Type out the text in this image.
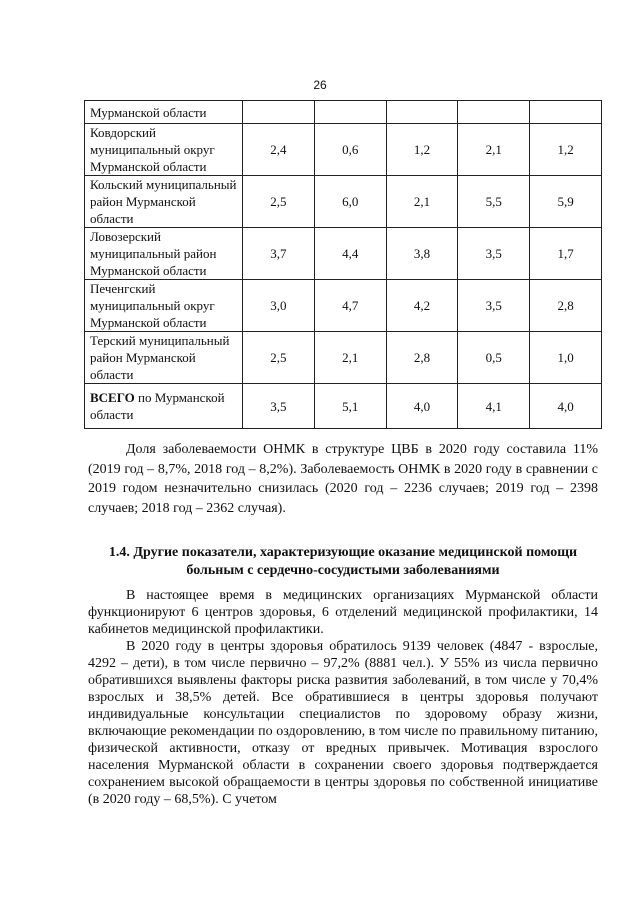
26
Мурманской области					
Ковдорский муниципальный округ Мурманской области	2,4	0,6	1,2	2,1	1,2
Кольский муниципальный район Мурманской области	2,5	6,0	2,1	5,5	5,9
Ловозерский муниципальный район Мурманской области	3,7	4,4	3,8	3,5	1,7
Печенгский муниципальный округ Мурманской области	3,0	4,7	4,2	3,5	2,8
Терский муниципальный район Мурманской области	2,5	2,1	2,8	0,5	1,0
ВСЕГО по Мурманской области	3,5	5,1	4,0	4,1	4,0

Доля заболеваемости ОНМК в структуре ЦВБ в 2020 году составила 11% (2019 год – 8,7%, 2018 год – 8,2%). Заболеваемость ОНМК в 2020 году в сравнении с 2019 годом незначительно снизилась (2020 год – 2236 случаев; 2019 год – 2398 случаев; 2018 год – 2362 случая).

1.4. Другие показатели, характеризующие оказание медицинской помощи больным с сердечно-сосудистыми заболеваниями

В настоящее время в медицинских организациях Мурманской области функционируют 6 центров здоровья, 6 отделений медицинской профилактики, 14 кабинетов медицинской профилактики.

В 2020 году в центры здоровья обратилось 9139 человек (4847 - взрослые, 4292 – дети), в том числе первично – 97,2% (8881 чел.). У 55% из числа первично обратившихся выявлены факторы риска развития заболеваний, в том числе у 70,4% взрослых и 38,5% детей. Все обратившиеся в центры здоровья получают индивидуальные консультации специалистов по здоровому образу жизни, включающие рекомендации по оздоровлению, в том числе по правильному питанию, физической активности, отказу от вредных привычек. Мотивация взрослого населения Мурманской области в сохранении своего здоровья подтверждается сохранением высокой обращаемости в центры здоровья по собственной инициативе (в 2020 году – 68,5%). С учетом
